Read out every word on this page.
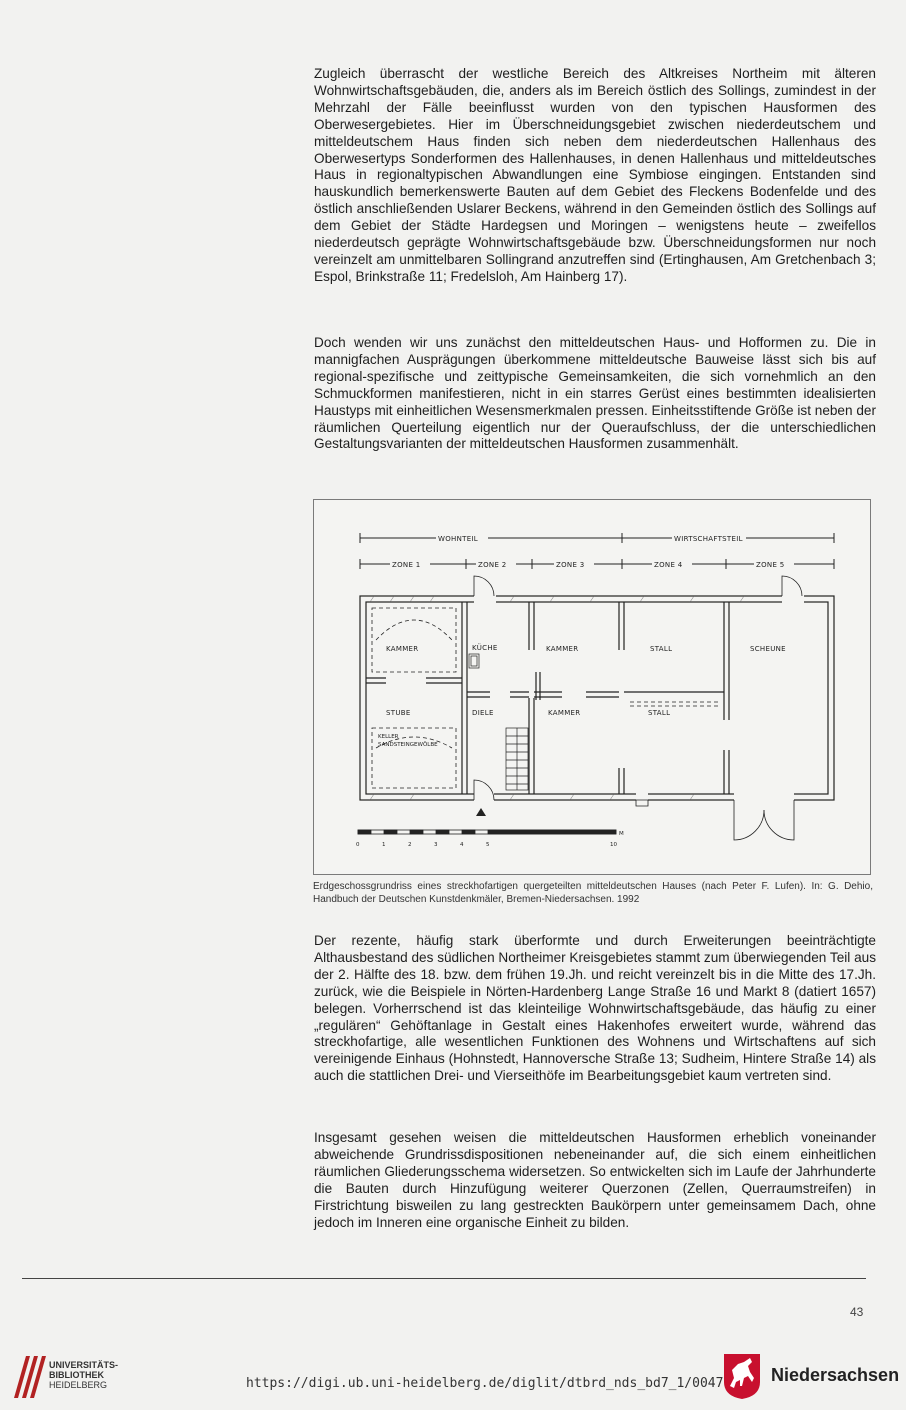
Zugleich überrascht der westliche Bereich des Altkreises Northeim mit älteren Wohnwirtschaftsgebäuden, die, anders als im Bereich östlich des Sollings, zumindest in der Mehrzahl der Fälle beeinflusst wurden von den typischen Hausformen des Oberwesergebietes. Hier im Überschneidungsgebiet zwischen niederdeutschem und mitteldeutschem Haus finden sich neben dem niederdeutschen Hallenhaus des Oberwesertyps Sonderformen des Hallenhauses, in denen Hallenhaus und mitteldeutsches Haus in regionaltypischen Abwandlungen eine Symbiose eingingen. Entstanden sind hauskundlich bemerkenswerte Bauten auf dem Gebiet des Fleckens Bodenfelde und des östlich anschließenden Uslarer Beckens, während in den Gemeinden östlich des Sollings auf dem Gebiet der Städte Hardegsen und Moringen – wenigstens heute – zweifellos niederdeutsch geprägte Wohnwirtschaftsgebäude bzw. Überschneidungsformen nur noch vereinzelt am unmittelbaren Sollingrand anzutreffen sind (Ertinghausen, Am Gretchenbach 3; Espol, Brinkstraße 11; Fredelsloh, Am Hainberg 17).

Doch wenden wir uns zunächst den mitteldeutschen Haus- und Hofformen zu. Die in mannigfachen Ausprägungen überkommene mitteldeutsche Bauweise lässt sich bis auf regional-spezifische und zeittypische Gemeinsamkeiten, die sich vornehmlich an den Schmuckformen manifestieren, nicht in ein starres Gerüst eines bestimmten idealisierten Haustyps mit einheitlichen Wesensmerkmalen pressen. Einheitsstiftende Größe ist neben der räumlichen Querteilung eigentlich nur der Queraufschluss, der die unterschiedlichen Gestaltungsvarianten der mitteldeutschen Hausformen zusammenhält.

WOHNTEIL	WIRTSCHAFTSTEIL
ZONE 1	ZONE 2	ZONE 3	ZONE 4	ZONE 5
KAMMER	KÜCHE	KAMMER	STALL	SCHEUNE
STUBE
KELLER
SANDSTEINGEWÖLBE
DIELE	KAMMER	STALL
0	1	2	3	4	5	10
M
Erdgeschossgrundriss eines streckhofartigen quergeteilten mitteldeutschen Hauses (nach Peter F. Lufen). In: G. Dehio, Handbuch der Deutschen Kunstdenkmäler, Bremen-Niedersachsen. 1992

Der rezente, häufig stark überformte und durch Erweiterungen beeinträchtigte Althausbestand des südlichen Northeimer Kreisgebietes stammt zum überwiegenden Teil aus der 2. Hälfte des 18. bzw. dem frühen 19.Jh. und reicht vereinzelt bis in die Mitte des 17.Jh. zurück, wie die Beispiele in Nörten-Hardenberg Lange Straße 16 und Markt 8 (datiert 1657) belegen. Vorherrschend ist das kleinteilige Wohnwirtschaftsgebäude, das häufig zu einer „regulären“ Gehöftanlage in Gestalt eines Hakenhofes erweitert wurde, während das streckhofartige, alle wesentlichen Funktionen des Wohnens und Wirtschaftens auf sich vereinigende Einhaus (Hohnstedt, Hannoversche Straße 13; Sudheim, Hintere Straße 14) als auch die stattlichen Drei- und Vierseithöfe im Bearbeitungsgebiet kaum vertreten sind.

Insgesamt gesehen weisen die mitteldeutschen Hausformen erheblich voneinander abweichende Grundrissdispositionen nebeneinander auf, die sich einem einheitlichen räumlichen Gliederungsschema widersetzen. So entwickelten sich im Laufe der Jahrhunderte die Bauten durch Hinzufügung weiterer Querzonen (Zellen, Querraumstreifen) in Firstrichtung bisweilen zu lang gestreckten Baukörpern unter gemeinsamem Dach, ohne jedoch im Inneren eine organische Einheit zu bilden.

43
UNIVERSITÄTS-
BIBLIOTHEK
HEIDELBERG	https://digi.ub.uni-heidelberg.de/diglit/dtbrd_nds_bd7_1/0047	Niedersachsen
